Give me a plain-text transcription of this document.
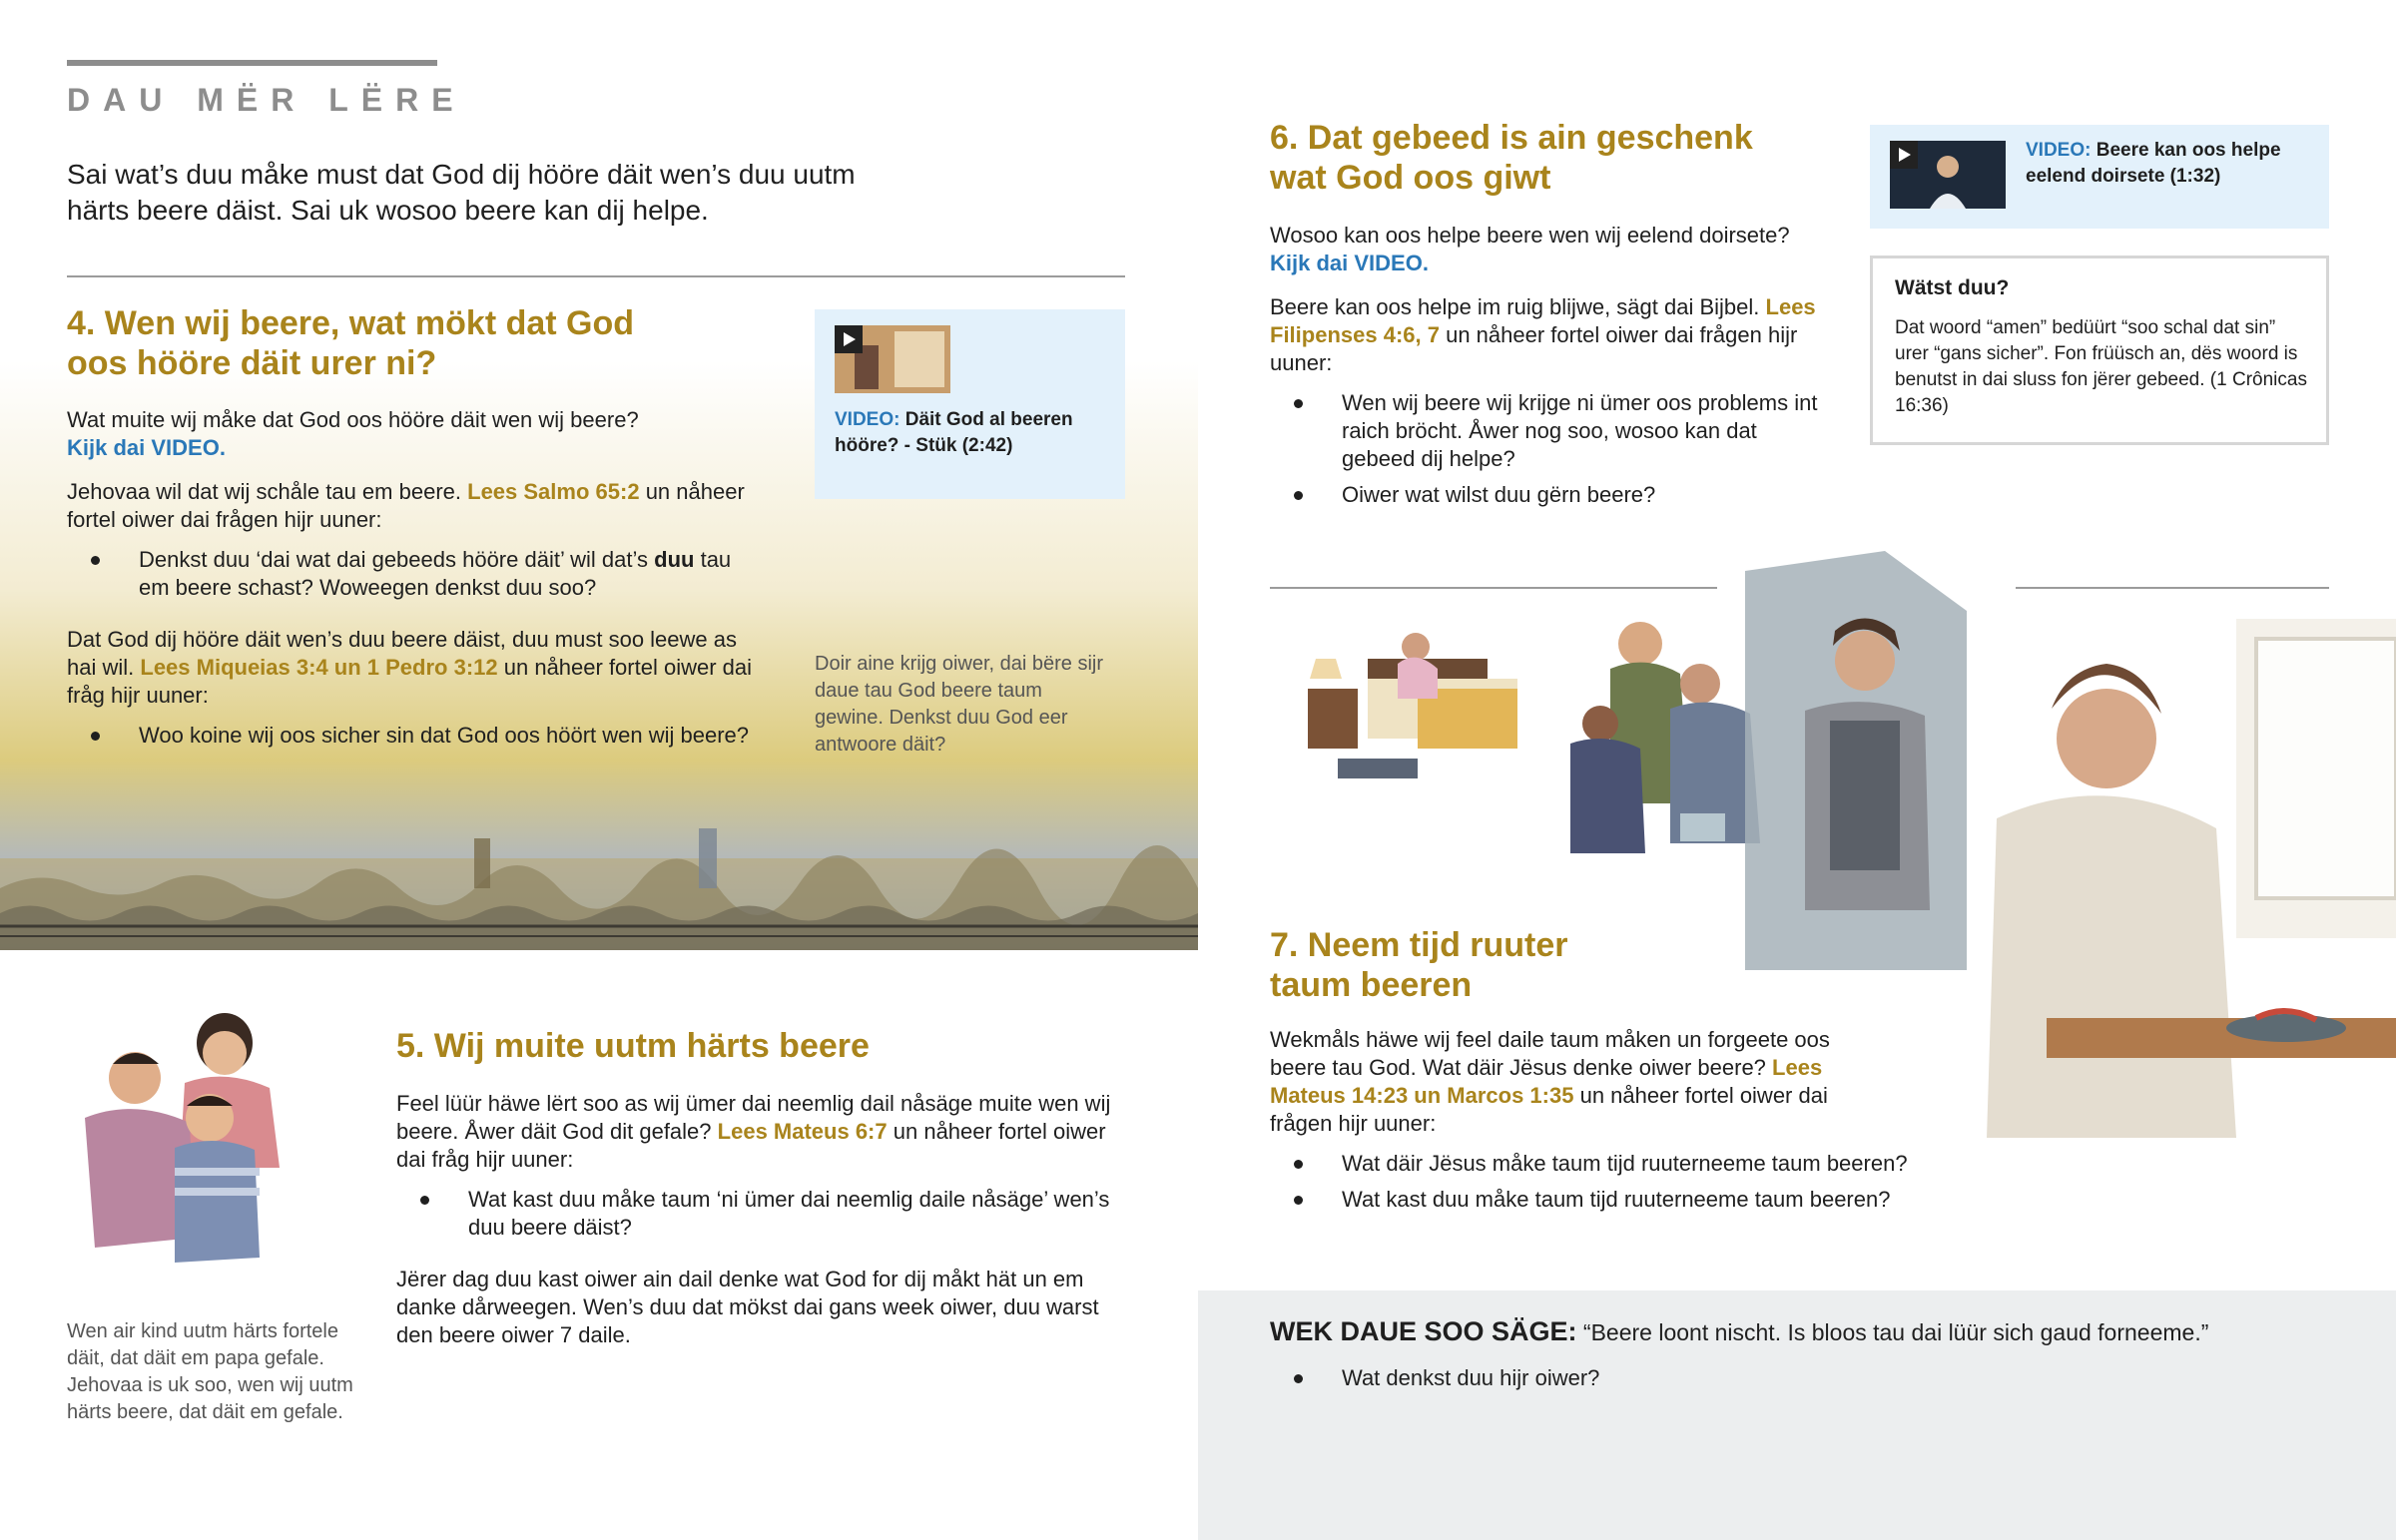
DAU MËR LËRE
Sai wat’s duu måke must dat God dij hööre däit wen’s duu uutm härts beere däist. Sai uk wosoo beere kan dij helpe.
4. Wen wij beere, wat mökt dat God oos hööre däit urer ni?
Wat muite wij måke dat God oos hööre däit wen wij beere?
Kijk dai VIDEO.
Jehovaa wil dat wij schåle tau em beere. Lees Salmo 65:2 un nåheer fortel oiwer dai frågen hijr uuner:
Denkst duu ‘dai wat dai gebeeds hööre däit’ wil dat’s duu tau em beere schast? Woweegen denkst duu soo?
Dat God dij hööre däit wen’s duu beere däist, duu must soo leewe as hai wil. Lees Miqueias 3:4 un 1 Pedro 3:12 un nåheer fortel oiwer dai fråg hijr uuner:
Woo koine wij oos sicher sin dat God oos höört wen wij beere?
VIDEO: Däit God al beeren hööre? - Stük (2:42)
Doir aine krijg oiwer, dai bëre sijr daue tau God beere taum gewine. Denkst duu God eer antwoore däit?
Wen air kind uutm härts fortele däit, dat däit em papa gefale. Jehovaa is uk soo, wen wij uutm härts beere, dat däit em gefale.
5. Wij muite uutm härts beere
Feel lüür häwe lërt soo as wij ümer dai neemlig dail nåsäge muite wen wij beere. Åwer däit God dit gefale? Lees Mateus 6:7 un nåheer fortel oiwer dai fråg hijr uuner:
Wat kast duu måke taum ‘ni ümer dai neemlig daile nåsäge’ wen’s duu beere däist?
Jërer dag duu kast oiwer ain dail denke wat God for dij måkt hät un em danke dårweegen. Wen’s duu dat mökst dai gans week oiwer, duu warst den beere oiwer 7 daile.
6. Dat gebeed is ain geschenk wat God oos giwt
Wosoo kan oos helpe beere wen wij eelend doirsete?
Kijk dai VIDEO.
Beere kan oos helpe im ruig blijwe, sägt dai Bijbel. Lees Filipenses 4:6, 7 un nåheer fortel oiwer dai frågen hijr uuner:
Wen wij beere wij krijge ni ümer oos problems int raich bröcht. Åwer nog soo, wosoo kan dat gebeed dij helpe?
Oiwer wat wilst duu gërn beere?
VIDEO: Beere kan oos helpe eelend doirsete (1:32)
Wätst duu?
Dat woord “amen” bedüürt “soo schal dat sin” urer “gans sicher”. Fon früüsch an, dës woord is benutst in dai sluss fon jërer gebeed. (1 Crônicas 16:36)
7. Neem tijd ruuter taum beeren
Wekmåls häwe wij feel daile taum måken un forgeete oos beere tau God. Wat däir Jësus denke oiwer beere? Lees Mateus 14:23 un Marcos 1:35 un nåheer fortel oiwer dai frågen hijr uuner:
Wat däir Jësus måke taum tijd ruuterneeme taum beeren?
Wat kast duu måke taum tijd ruuterneeme taum beeren?
WEK DAUE SOO SÄGE: “Beere loont nischt. Is bloos tau dai lüür sich gaud forneeme.”
Wat denkst duu hijr oiwer?
